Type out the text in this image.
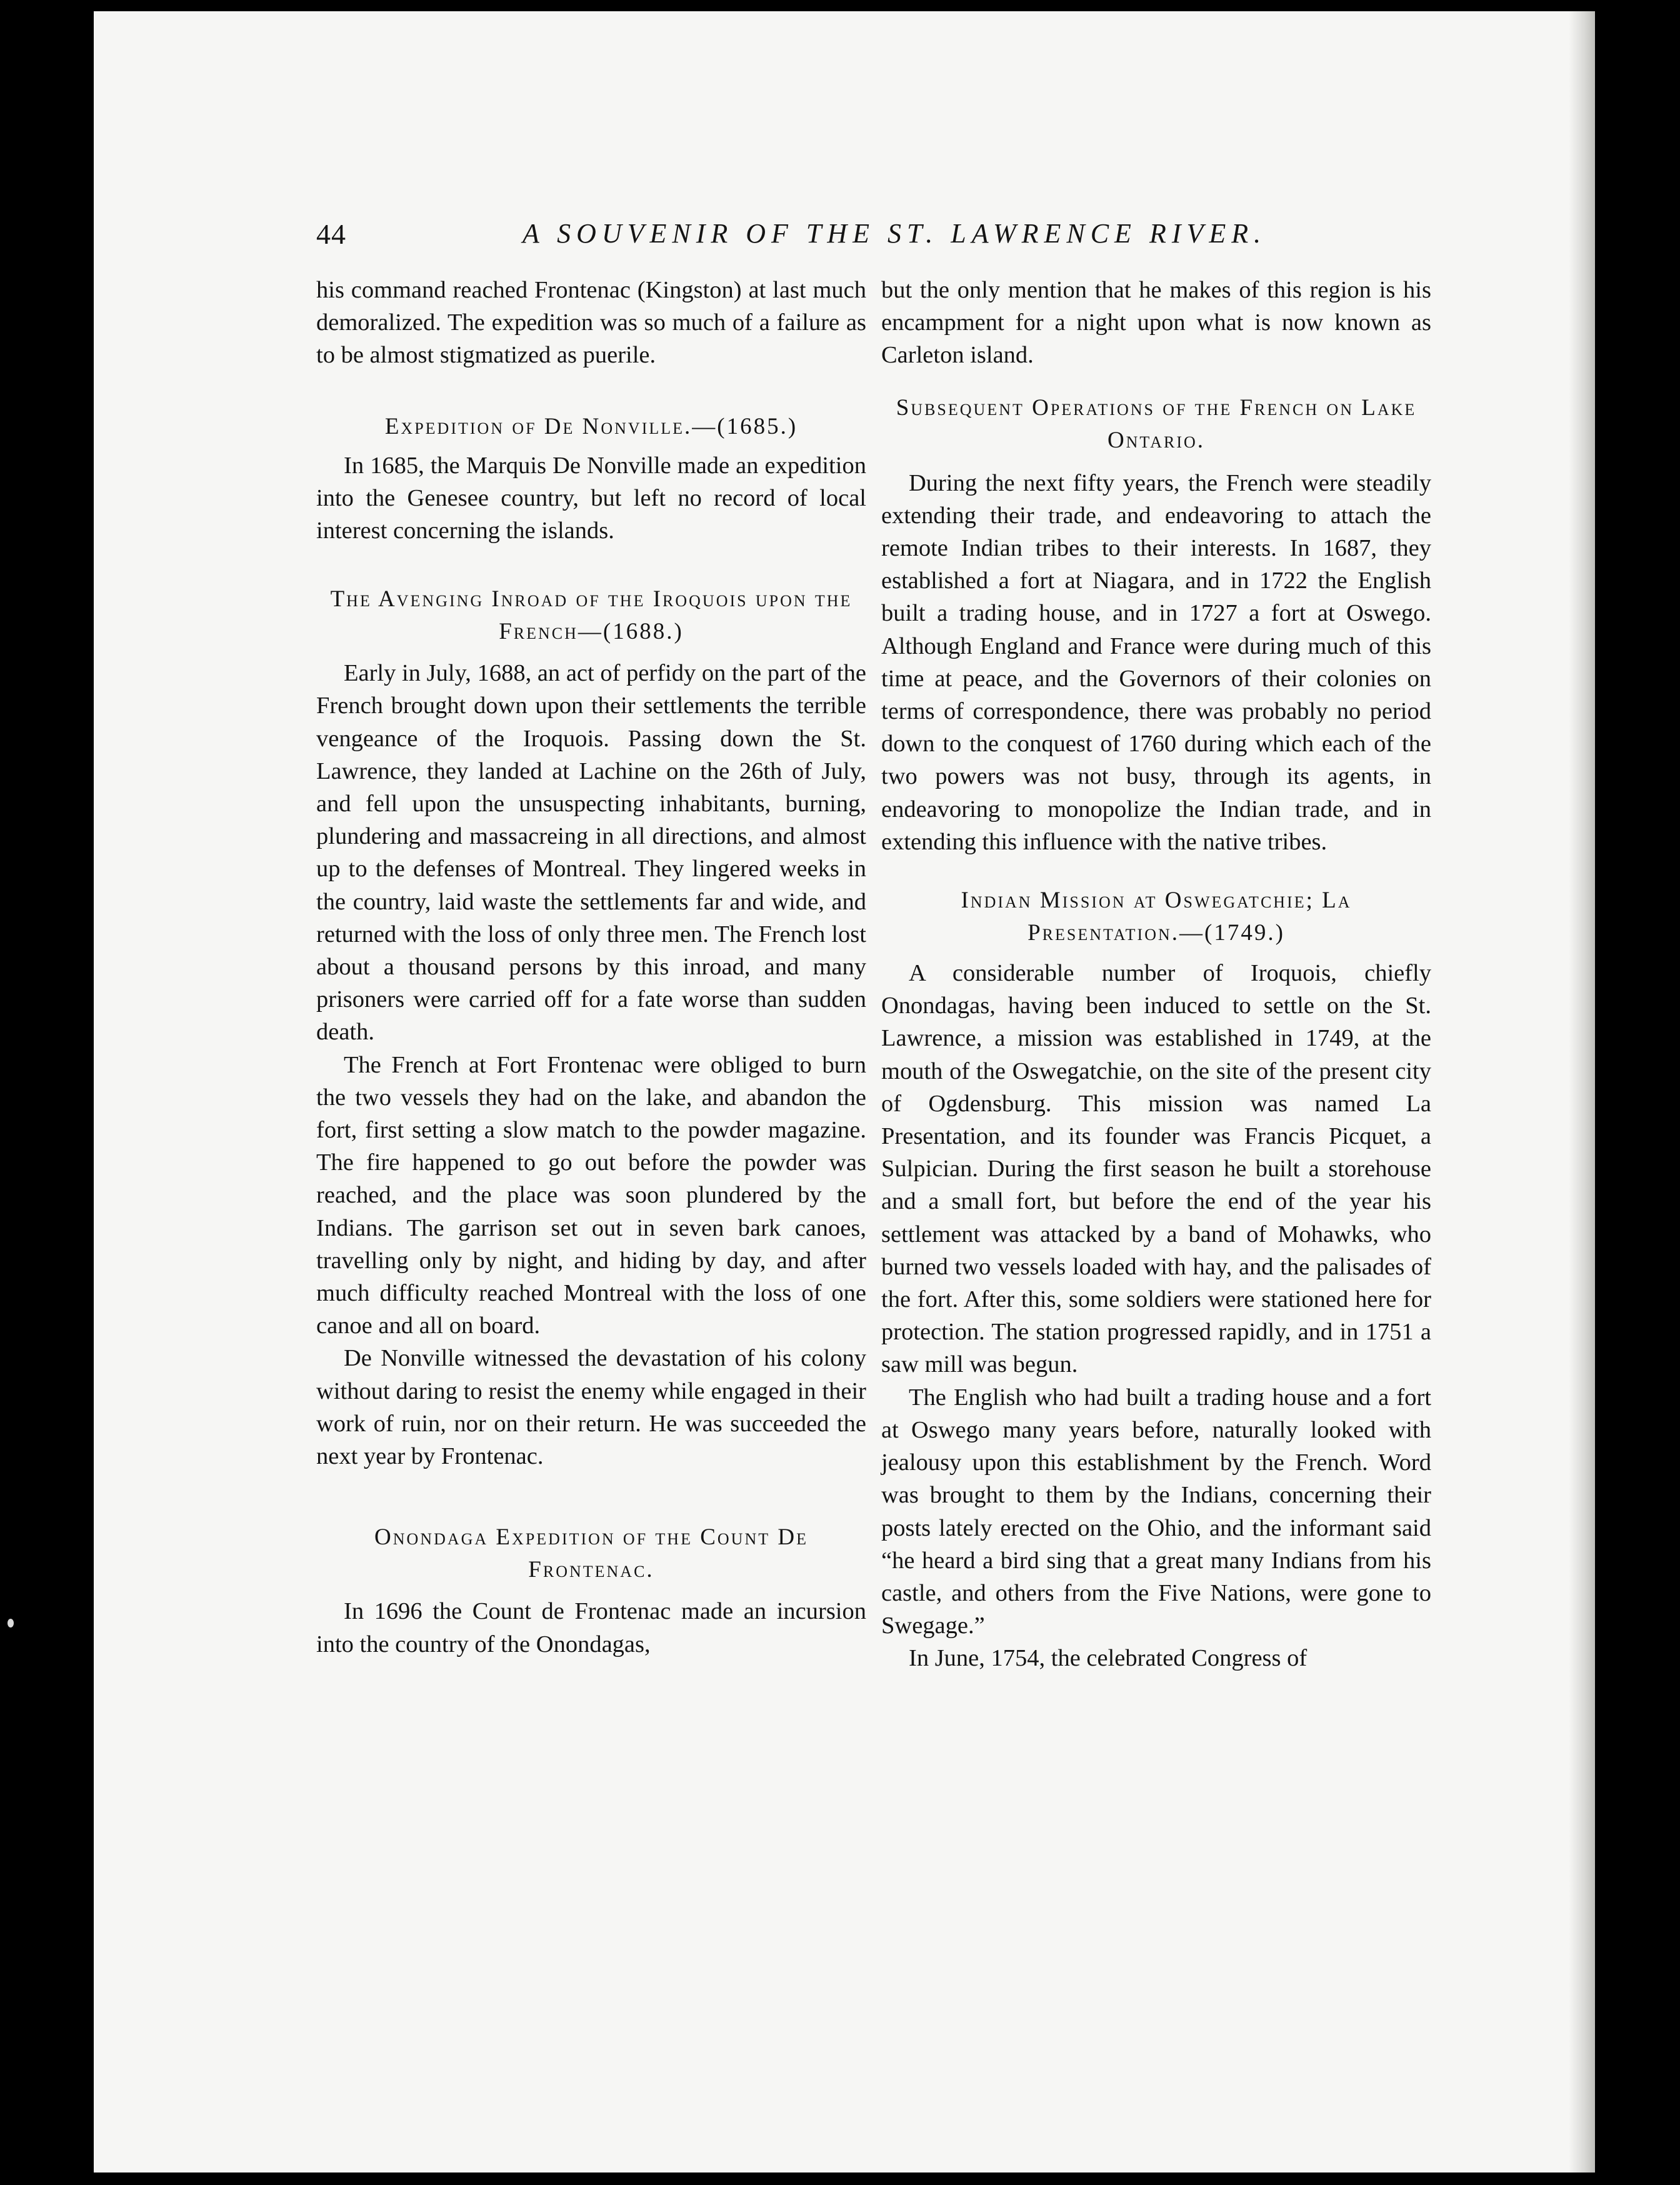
44	A SOUVENIR OF THE ST. LAWRENCE RIVER.

his command reached Frontenac (Kingston) at last much demoralized. The expedition was so much of a failure as to be almost stigmatized as puerile.

Expedition of De Nonville.—(1685.)

In 1685, the Marquis De Nonville made an expedition into the Genesee country, but left no record of local interest concerning the islands.

The Avenging Inroad of the Iroquois upon the French—(1688.)

Early in July, 1688, an act of perfidy on the part of the French brought down upon their settlements the terrible vengeance of the Iroquois. Passing down the St. Lawrence, they landed at Lachine on the 26th of July, and fell upon the unsuspecting inhabitants, burning, plundering and massacreing in all directions, and almost up to the defenses of Montreal. They lingered weeks in the country, laid waste the settlements far and wide, and returned with the loss of only three men. The French lost about a thousand persons by this inroad, and many prisoners were carried off for a fate worse than sudden death.

The French at Fort Frontenac were obliged to burn the two vessels they had on the lake, and abandon the fort, first setting a slow match to the powder magazine. The fire happened to go out before the powder was reached, and the place was soon plundered by the Indians. The garrison set out in seven bark canoes, travelling only by night, and hiding by day, and after much difficulty reached Montreal with the loss of one canoe and all on board.

De Nonville witnessed the devastation of his colony without daring to resist the enemy while engaged in their work of ruin, nor on their return. He was succeeded the next year by Frontenac.

Onondaga Expedition of the Count De Frontenac.

In 1696 the Count de Frontenac made an incursion into the country of the Onondagas,

but the only mention that he makes of this region is his encampment for a night upon what is now known as Carleton island.

Subsequent Operations of the French on Lake Ontario.

During the next fifty years, the French were steadily extending their trade, and endeavoring to attach the remote Indian tribes to their interests. In 1687, they established a fort at Niagara, and in 1722 the English built a trading house, and in 1727 a fort at Oswego. Although England and France were during much of this time at peace, and the Governors of their colonies on terms of correspondence, there was probably no period down to the conquest of 1760 during which each of the two powers was not busy, through its agents, in endeavoring to monopolize the Indian trade, and in extending this influence with the native tribes.

Indian Mission at Oswegatchie; La Presentation.—(1749.)

A considerable number of Iroquois, chiefly Onondagas, having been induced to settle on the St. Lawrence, a mission was established in 1749, at the mouth of the Oswegatchie, on the site of the present city of Ogdensburg. This mission was named La Presentation, and its founder was Francis Picquet, a Sulpician. During the first season he built a storehouse and a small fort, but before the end of the year his settlement was attacked by a band of Mohawks, who burned two vessels loaded with hay, and the palisades of the fort. After this, some soldiers were stationed here for protection. The station progressed rapidly, and in 1751 a saw mill was begun.

The English who had built a trading house and a fort at Oswego many years before, naturally looked with jealousy upon this establishment by the French. Word was brought to them by the Indians, concerning their posts lately erected on the Ohio, and the informant said “he heard a bird sing that a great many Indians from his castle, and others from the Five Nations, were gone to Swegage.”

In June, 1754, the celebrated Congress of
